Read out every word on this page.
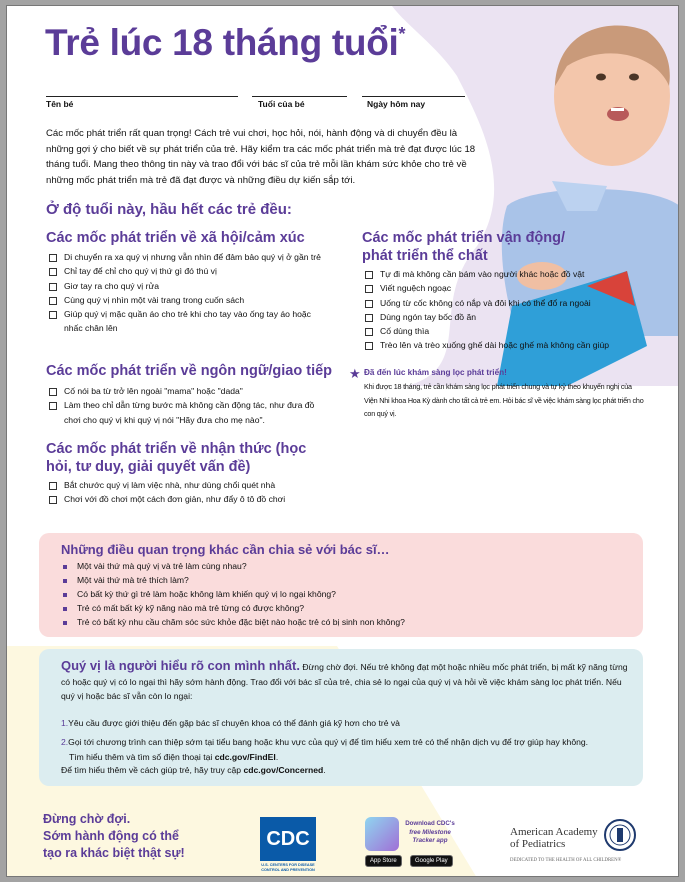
Trẻ lúc 18 tháng tuổi*
Tên bé	Tuổi của bé	Ngày hôm nay
Các mốc phát triển rất quan trọng! Cách trẻ vui chơi, học hỏi, nói, hành động và di chuyển đều là những gợi ý cho biết về sự phát triển của trẻ. Hãy kiểm tra các mốc phát triển mà trẻ đạt được lúc 18 tháng tuổi. Mang theo thông tin này và trao đổi với bác sĩ của trẻ mỗi lần khám sức khỏe cho trẻ về những mốc phát triển mà trẻ đã đạt được và những điều dự kiến sắp tới.
Ở độ tuổi này, hầu hết các trẻ đều:
Các mốc phát triển về xã hội/cảm xúc
Di chuyển ra xa quý vị nhưng vẫn nhìn để đảm bảo quý vị ở gần trẻ
Chỉ tay để chỉ cho quý vị thứ gì đó thú vị
Giơ tay ra cho quý vị rửa
Cùng quý vị nhìn một vài trang trong cuốn sách
Giúp quý vị mặc quần áo cho trẻ khi cho tay vào ống tay áo hoặc nhấc chân lên
Các mốc phát triển về ngôn ngữ/giao tiếp
Cố nói ba từ trở lên ngoài "mama" hoặc "dada"
Làm theo chỉ dẫn từng bước mà không cần động tác, như đưa đồ chơi cho quý vị khi quý vị nói "Hãy đưa cho mẹ nào".
Các mốc phát triển về nhận thức (học hỏi, tư duy, giải quyết vấn đề)
Bắt chước quý vị làm việc nhà, như dùng chổi quét nhà
Chơi với đồ chơi một cách đơn giản, như đẩy ô tô đồ chơi
Các mốc phát triển vận động/
phát triển thể chất
Tự đi mà không cần bám vào người khác hoặc đồ vật
Viết nguệch ngoạc
Uống từ cốc không có nắp và đôi khi có thể đổ ra ngoài
Dùng ngón tay bốc đồ ăn
Cố dùng thìa
Trèo lên và trèo xuống ghế dài hoặc ghế mà không cần giúp
★ Đã đến lúc khám sàng lọc phát triển!
Khi được 18 tháng, trẻ cần khám sàng lọc phát triển chung và tự kỷ theo khuyến nghị của Viện Nhi khoa Hoa Kỳ dành cho tất cả trẻ em. Hỏi bác sĩ về việc khám sàng lọc phát triển cho con quý vị.
Những điều quan trọng khác cần chia sẻ với bác sĩ…
Một vài thứ mà quý vị và trẻ làm cùng nhau?
Một vài thứ mà trẻ thích làm?
Có bất kỳ thứ gì trẻ làm hoặc không làm khiến quý vị lo ngại không?
Trẻ có mất bất kỳ kỹ năng nào mà trẻ từng có được không?
Trẻ có bất kỳ nhu cầu chăm sóc sức khỏe đặc biệt nào hoặc trẻ có bị sinh non không?
Quý vị là người hiểu rõ con mình nhất. Đừng chờ đợi. Nếu trẻ không đạt một hoặc nhiều mốc phát triển, bị mất kỹ năng từng có hoặc quý vị có lo ngại thì hãy sớm hành động. Trao đổi với bác sĩ của trẻ, chia sẻ lo ngại của quý vị và hỏi về việc khám sàng lọc phát triển. Nếu quý vị hoặc bác sĩ vẫn còn lo ngại:
1.Yêu cầu được giới thiệu đến gặp bác sĩ chuyên khoa có thể đánh giá kỹ hơn cho trẻ và
2.Gọi tới chương trình can thiệp sớm tại tiểu bang hoặc khu vực của quý vị để tìm hiểu xem trẻ có thể nhận dịch vụ để trợ giúp hay không.
Tìm hiểu thêm và tìm số điện thoại tại cdc.gov/FindEI.
Để tìm hiểu thêm về cách giúp trẻ, hãy truy cập cdc.gov/Concerned.
Đừng chờ đợi.
Sớm hành động có thể
tạo ra khác biệt thật sự!
CDC
U.S. CENTERS FOR DISEASE
CONTROL AND PREVENTION
Download CDC's
free Milestone
Tracker app
App Store	Google Play
American Academy
of Pediatrics
DEDICATED TO THE HEALTH OF ALL CHILDREN®
